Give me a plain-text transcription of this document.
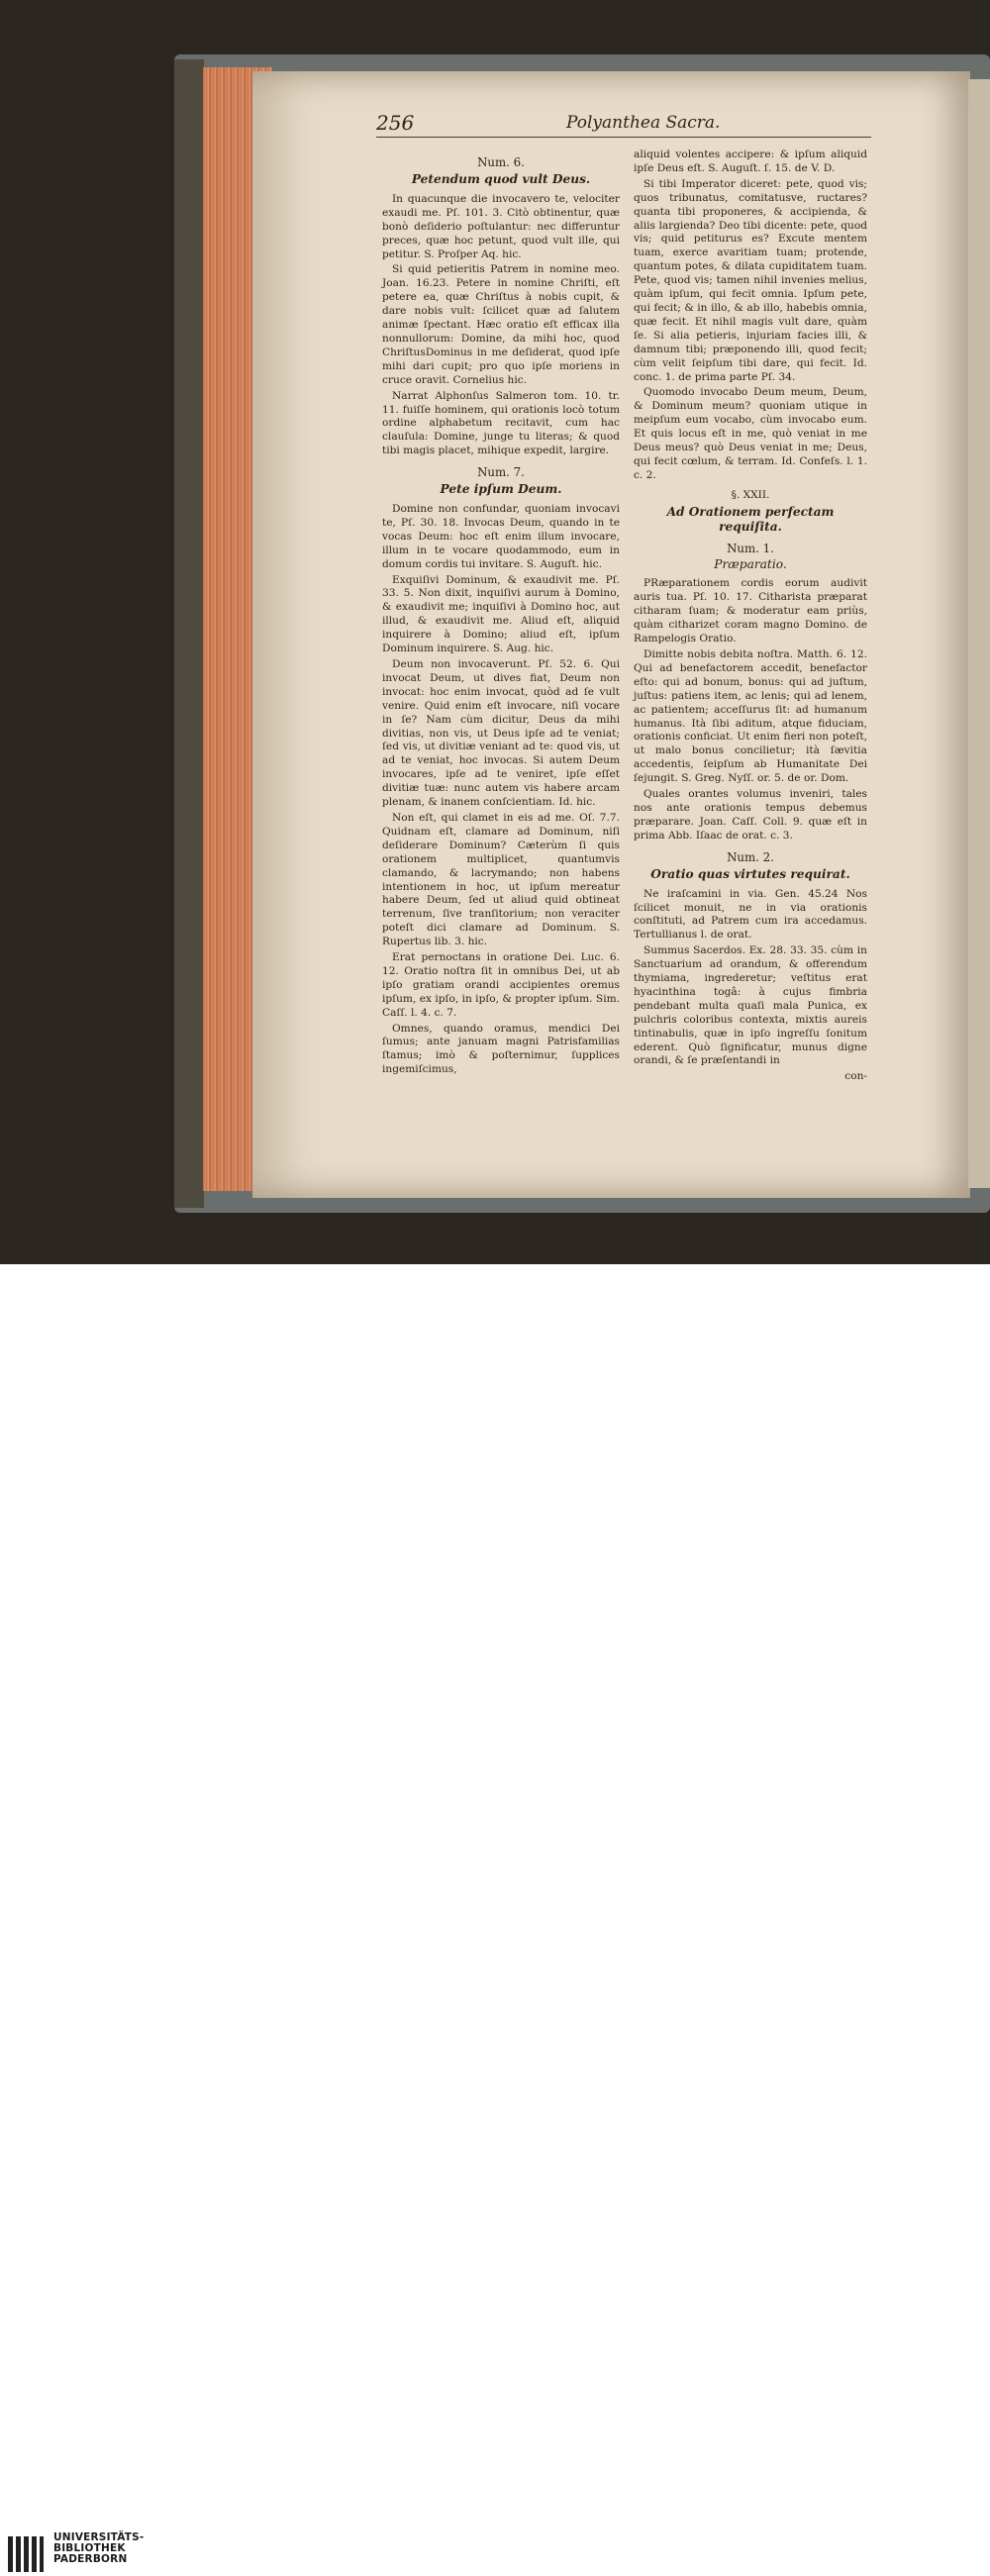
256	Polyanthea Sacra.

Num. 6.

Petendum quod vult Deus.

In quacunque die invocavero te, velociter exaudi me. Pſ. 101. 3. Citò obtinentur, quæ bonò deſiderio poſtulantur: nec differuntur preces, quæ hoc petunt, quod vult ille, qui petitur. S. Proſper Aq. hic.

Si quid petieritis Patrem in nomine meo. Joan. 16.23. Petere in nomine Chriſti, eſt petere ea, quæ Chriſtus à nobis cupit, & dare nobis vult: ſcilicet quæ ad ſalutem animæ ſpectant. Hæc oratio eſt efficax illa nonnullorum: Domine, da mihi hoc, quod ChriſtusDominus in me deſiderat, quod ipſe mihi dari cupit; pro quo ipſe moriens in cruce oravit. Cornelius hic.

Narrat Alphonſus Salmeron tom. 10. tr. 11. fuiſſe hominem, qui orationis locò totum ordine alphabetum recitavit, cum hac clauſula: Domine, junge tu literas; & quod tibi magis placet, mihique expedit, largire.

Num. 7.

Pete ipſum Deum.

Domine non confundar, quoniam invocavi te, Pſ. 30. 18. Invocas Deum, quando in te vocas Deum: hoc eſt enim illum invocare, illum in te vocare quodammodo, eum in domum cordis tui invitare. S. Auguſt. hic.

Exquiſivi Dominum, & exaudivit me. Pſ. 33. 5. Non dixit, inquiſivi aurum à Domino, & exaudivit me; inquiſivi à Domino hoc, aut illud, & exaudivit me. Aliud eſt, aliquid inquirere à Domino; aliud eſt, ipſum Dominum inquirere. S. Aug. hic.

Deum non invocaverunt. Pſ. 52. 6. Qui invocat Deum, ut dives fiat, Deum non invocat: hoc enim invocat, quòd ad ſe vult venire. Quid enim eſt invocare, niſi vocare in ſe? Nam cùm dicitur, Deus da mihi divitias, non vis, ut Deus ipſe ad te veniat; ſed vis, ut divitiæ veniant ad te: quod vis, ut ad te veniat, hoc invocas. Si autem Deum invocares, ipſe ad te veniret, ipſe eſſet divitiæ tuæ: nunc autem vis habere arcam plenam, & inanem conſcientiam. Id. hic.

Non eſt, qui clamet in eis ad me. Oſ. 7.7. Quidnam eſt, clamare ad Dominum, niſi deſiderare Dominum? Cæterùm ſi quis orationem multiplicet, quantumvis clamando, & lacrymando; non habens intentionem in hoc, ut ipſum mereatur habere Deum, ſed ut aliud quid obtineat terrenum, ſive tranſitorium; non veraciter poteſt dici clamare ad Dominum. S. Rupertus lib. 3. hic.

Erat pernoctans in oratione Dei. Luc. 6. 12. Oratio noſtra ſit in omnibus Dei, ut ab ipſo gratiam orandi accipientes oremus ipſum, ex ipſo, in ipſo, & propter ipſum. Sim. Caſſ. l. 4. c. 7.

Omnes, quando oramus, mendici Dei ſumus; ante januam magni Patrisfamilias ſtamus; imò & poſternimur, ſupplices ingemiſcimus,

aliquid volentes accipere: & ipſum aliquid ipſe Deus eſt. S. Auguſt. ſ. 15. de V. D.

Si tibi Imperator diceret: pete, quod vis; quos tribunatus, comitatusve, ructares? quanta tibi proponeres, & accipienda, & aliis largienda? Deo tibi dicente: pete, quod vis; quid petiturus es? Excute mentem tuam, exerce avaritiam tuam; protende, quantum potes, & dilata cupiditatem tuam. Pete, quod vis; tamen nihil invenies melius, quàm ipſum, qui fecit omnia. Ipſum pete, qui fecit; & in illo, & ab illo, habebis omnia, quæ fecit. Et nihil magis vult dare, quàm ſe. Si alia petieris, injuriam facies illi, & damnum tibi; præponendo illi, quod fecit; cùm velit ſeipſum tibi dare, qui fecit. Id. conc. 1. de prima parte Pſ. 34.

Quomodo invocabo Deum meum, Deum, & Dominum meum? quoniam utique in meipſum eum vocabo, cùm invocabo eum. Et quis locus eſt in me, quò veniat in me Deus meus? quò Deus veniat in me; Deus, qui fecit cœlum, & terram. Id. Confeſs. l. 1. c. 2.

§. XXII.

Ad Orationem perfectam requiſita.

Num. 1.

Præparatio.

PRæparationem cordis eorum audivit auris tua. Pſ. 10. 17. Citharista præparat citharam ſuam; & moderatur eam priùs, quàm citharizet coram magno Domino. de Rampelogis Oratio.

Dimitte nobis debita noſtra. Matth. 6. 12. Qui ad benefactorem accedit, benefactor eſto: qui ad bonum, bonus: qui ad juſtum, juſtus: patiens item, ac lenis; qui ad lenem, ac patientem; acceſſurus ſit: ad humanum humanus. Ità ſibi aditum, atque fiduciam, orationis conficiat. Ut enim fieri non poteſt, ut malo bonus concilietur; ità ſævitia accedentis, ſeipſum ab Humanitate Dei ſejungit. S. Greg. Nyſſ. or. 5. de or. Dom.

Quales orantes volumus inveniri, tales nos ante orationis tempus debemus præparare. Joan. Caſſ. Coll. 9. quæ eſt in prima Abb. Iſaac de orat. c. 3.

Num. 2.

Oratio quas virtutes requirat.

Ne iraſcamini in via. Gen. 45.24 Nos ſcilicet monuit, ne in via orationis conſtituti, ad Patrem cum ira accedamus. Tertullianus l. de orat.

Summus Sacerdos. Ex. 28. 33. 35. cùm in Sanctuarium ad orandum, & offerendum thymiama, ingrederetur; veſtitus erat hyacinthina togâ: à cujus fimbria pendebant multa quaſi mala Punica, ex pulchris coloribus contexta, mixtis aureis tintinabulis, quæ in ipſo ingreſſu ſonitum ederent. Quò ſignificatur, munus digne orandi, & ſe præſentandi in

con-

UNIVERSITÄTS-
BIBLIOTHEK
PADERBORN
